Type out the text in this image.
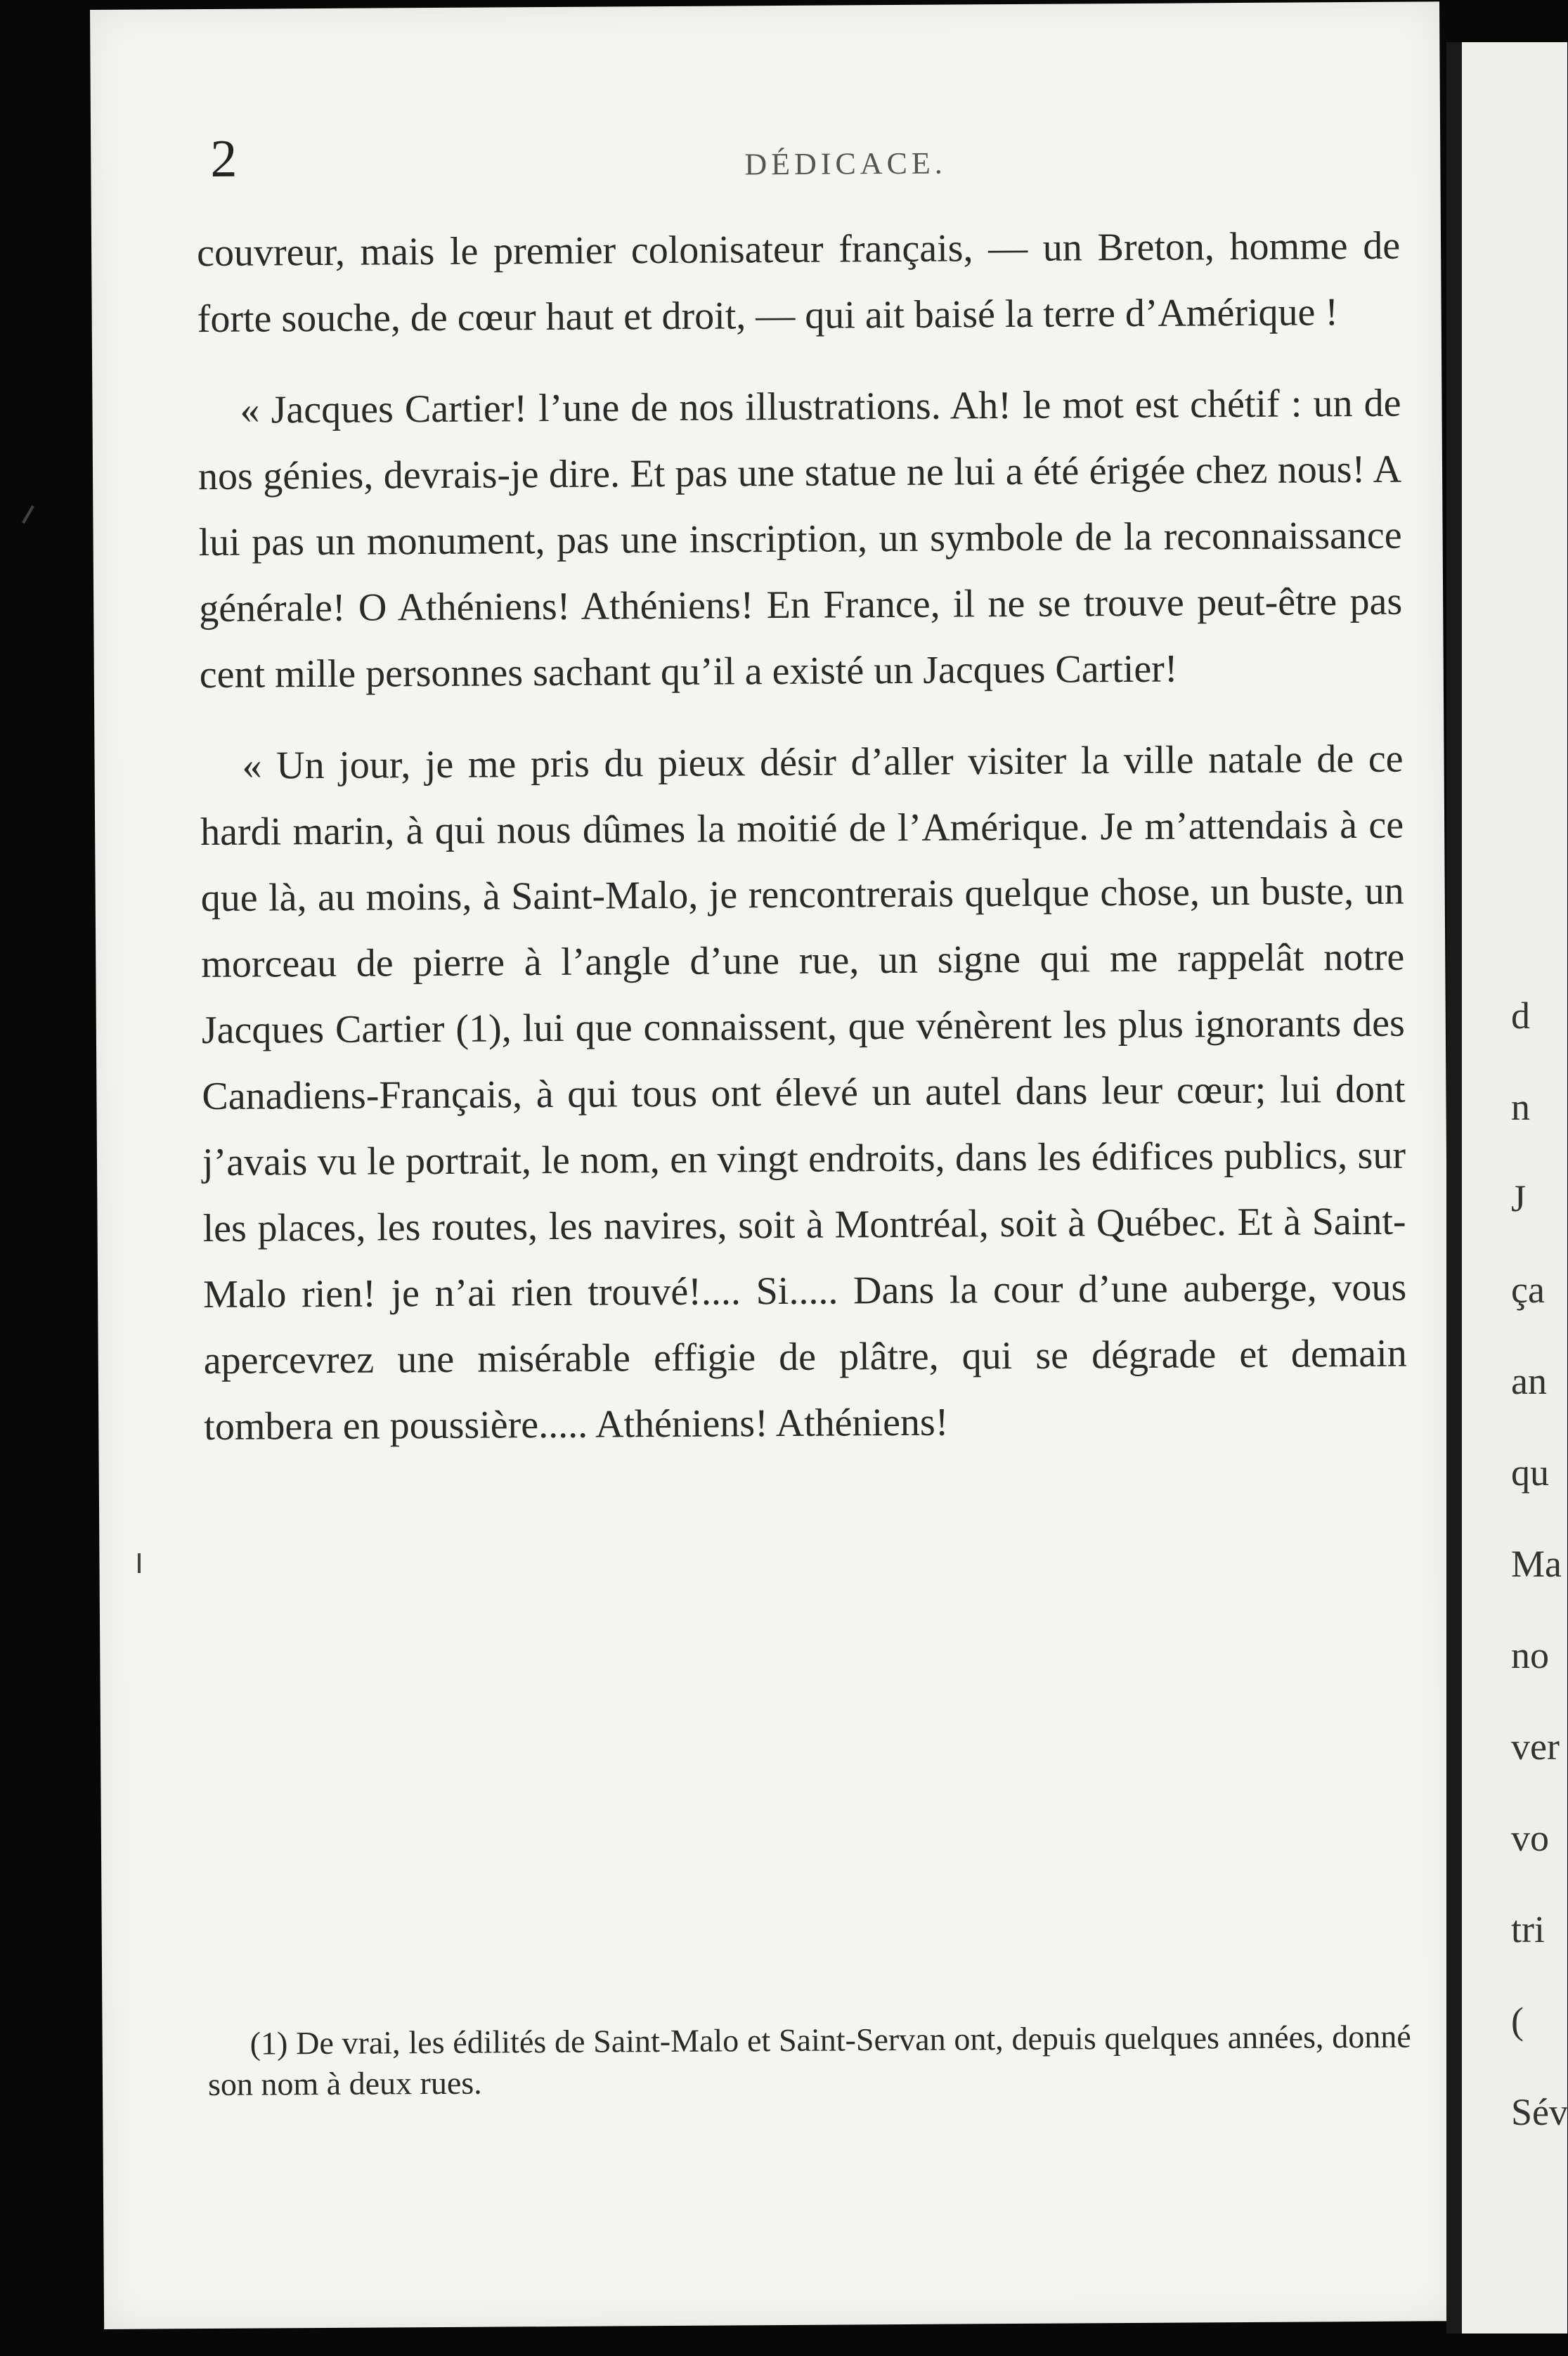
2	DÉDICACE.

couvreur, mais le premier colonisateur français, — un Breton, homme de forte souche, de cœur haut et droit, — qui ait baisé la terre d’Amérique !

« Jacques Cartier! l’une de nos illustrations. Ah! le mot est chétif : un de nos génies, devrais-je dire. Et pas une statue ne lui a été érigée chez nous! A lui pas un monument, pas une inscription, un symbole de la reconnaissance générale! O Athéniens! Athéniens! En France, il ne se trouve peut-être pas cent mille personnes sachant qu’il a existé un Jacques Cartier!

« Un jour, je me pris du pieux désir d’aller visiter la ville natale de ce hardi marin, à qui nous dûmes la moitié de l’Amérique. Je m’attendais à ce que là, au moins, à Saint-Malo, je rencontrerais quelque chose, un buste, un morceau de pierre à l’angle d’une rue, un signe qui me rappelât notre Jacques Cartier (1), lui que connaissent, que vénèrent les plus ignorants des Canadiens-Français, à qui tous ont élevé un autel dans leur cœur; lui dont j’avais vu le portrait, le nom, en vingt endroits, dans les édifices publics, sur les places, les routes, les navires, soit à Montréal, soit à Québec. Et à Saint-Malo rien! je n’ai rien trouvé!.... Si..... Dans la cour d’une auberge, vous apercevrez une misérable effigie de plâtre, qui se dégrade et demain tombera en poussière..... Athéniens! Athéniens!

(1) De vrai, les édilités de Saint-Malo et Saint-Servan ont, depuis quelques années, donné son nom à deux rues.
d
n
J
ça
an
qu
Ma
no
ver
vo
tri
(
Sév
